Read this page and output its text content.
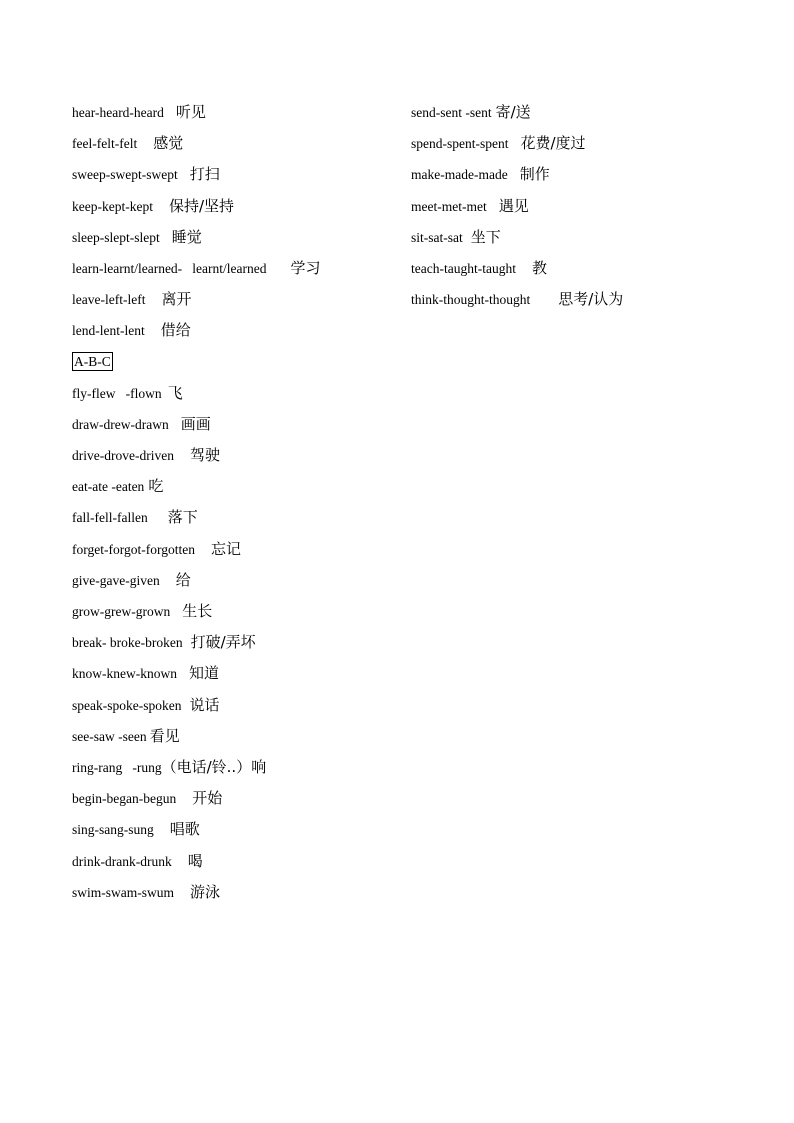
hear-heard-heard 听见
feel-felt-felt 感觉
sweep-swept-swept 打扫
keep-kept-kept 保持/坚持
sleep-slept-slept 睡觉
learn-learnt/learned-   learnt/learned 学习
leave-left-left 离开
lend-lent-lent 借给
A-B-C
fly-flew   -flown 飞
draw-drew-drawn 画画
drive-drove-driven 驾驶
eat-ate -eaten 吃
fall-fell-fallen 落下
forget-forgot-forgotten 忘记
give-gave-given 给
grow-grew-grown 生长
break- broke-broken 打破/弄坏
know-knew-known 知道
speak-spoke-spoken 说话
see-saw -seen 看见
ring-rang   -rung（电话/铃..）响
begin-began-begun 开始
sing-sang-sung 唱歌
drink-drank-drunk 喝
swim-swam-swum 游泳
send-sent -sent 寄/送
spend-spent-spent 花费/度过
make-made-made 制作
meet-met-met 遇见
sit-sat-sat 坐下
teach-taught-taught 教
think-thought-thought 思考/认为
